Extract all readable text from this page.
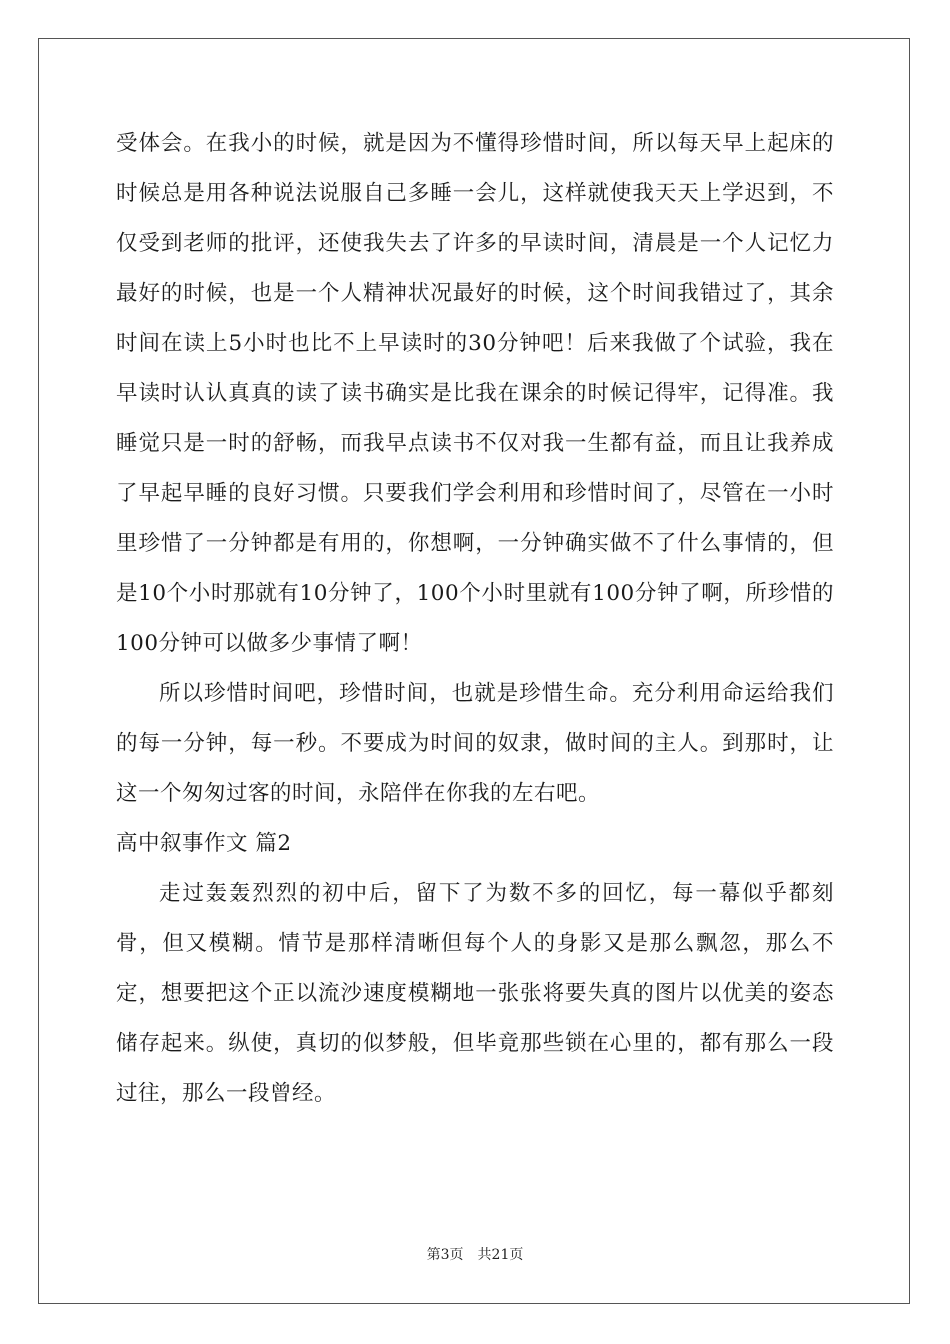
受体会。在我小的时候，就是因为不懂得珍惜时间，所以每天早上起床的时候总是用各种说法说服自己多睡一会儿，这样就使我天天上学迟到，不仅受到老师的批评，还使我失去了许多的早读时间，清晨是一个人记忆力最好的时候，也是一个人精神状况最好的时候，这个时间我错过了，其余时间在读上5小时也比不上早读时的30分钟吧！后来我做了个试验，我在早读时认认真真的读了读书确实是比我在课余的时候记得牢，记得准。我睡觉只是一时的舒畅，而我早点读书不仅对我一生都有益，而且让我养成了早起早睡的良好习惯。只要我们学会利用和珍惜时间了，尽管在一小时里珍惜了一分钟都是有用的，你想啊，一分钟确实做不了什么事情的，但是10个小时那就有10分钟了，100个小时里就有100分钟了啊，所珍惜的100分钟可以做多少事情了啊！

所以珍惜时间吧，珍惜时间，也就是珍惜生命。充分利用命运给我们的每一分钟，每一秒。不要成为时间的奴隶，做时间的主人。到那时，让这一个匆匆过客的时间，永陪伴在你我的左右吧。

高中叙事作文 篇2

走过轰轰烈烈的初中后，留下了为数不多的回忆，每一幕似乎都刻骨，但又模糊。情节是那样清晰但每个人的身影又是那么飘忽，那么不定，想要把这个正以流沙速度模糊地一张张将要失真的图片以优美的姿态储存起来。纵使，真切的似梦般，但毕竟那些锁在心里的，都有那么一段过往，那么一段曾经。

第3页 共21页
